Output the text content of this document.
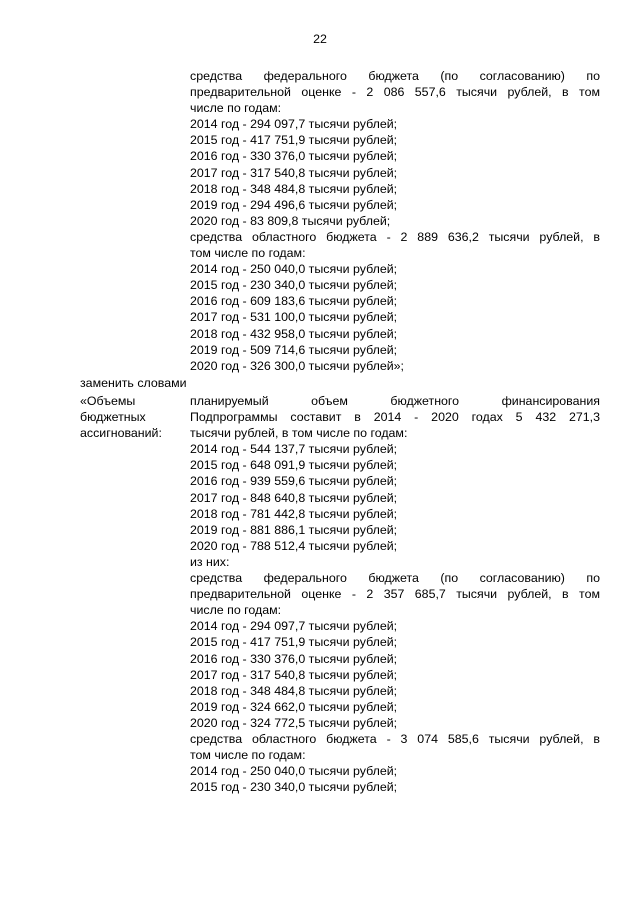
22
средства федерального бюджета (по согласованию) по
предварительной оценке - 2 086 557,6 тысячи рублей, в том
числе по годам:
2014 год - 294 097,7 тысячи рублей;
2015 год - 417 751,9 тысячи рублей;
2016 год - 330 376,0 тысячи рублей;
2017 год - 317 540,8 тысячи рублей;
2018 год - 348 484,8 тысячи рублей;
2019 год - 294 496,6 тысячи рублей;
2020 год - 83 809,8 тысячи рублей;
средства областного бюджета - 2 889 636,2 тысячи рублей, в
том числе по годам:
2014 год - 250 040,0 тысячи рублей;
2015 год - 230 340,0 тысячи рублей;
2016 год - 609 183,6 тысячи рублей;
2017 год - 531 100,0 тысячи рублей;
2018 год - 432 958,0 тысячи рублей;
2019 год - 509 714,6 тысячи рублей;
2020 год - 326 300,0 тысячи рублей»;
заменить словами
«Объемы
бюджетных
ассигнований:
планируемый объем бюджетного финансирования
Подпрограммы составит в 2014 - 2020 годах 5 432 271,3
тысячи рублей, в том числе по годам:
2014 год - 544 137,7 тысячи рублей;
2015 год - 648 091,9 тысячи рублей;
2016 год - 939 559,6 тысячи рублей;
2017 год - 848 640,8 тысячи рублей;
2018 год - 781 442,8 тысячи рублей;
2019 год - 881 886,1 тысячи рублей;
2020 год - 788 512,4 тысячи рублей;
из них:
средства федерального бюджета (по согласованию) по
предварительной оценке - 2 357 685,7 тысячи рублей, в том
числе по годам:
2014 год - 294 097,7 тысячи рублей;
2015 год - 417 751,9 тысячи рублей;
2016 год - 330 376,0 тысячи рублей;
2017 год - 317 540,8 тысячи рублей;
2018 год - 348 484,8 тысячи рублей;
2019 год - 324 662,0 тысячи рублей;
2020 год - 324 772,5 тысячи рублей;
средства областного бюджета - 3 074 585,6 тысячи рублей, в
том числе по годам:
2014 год - 250 040,0 тысячи рублей;
2015 год - 230 340,0 тысячи рублей;
